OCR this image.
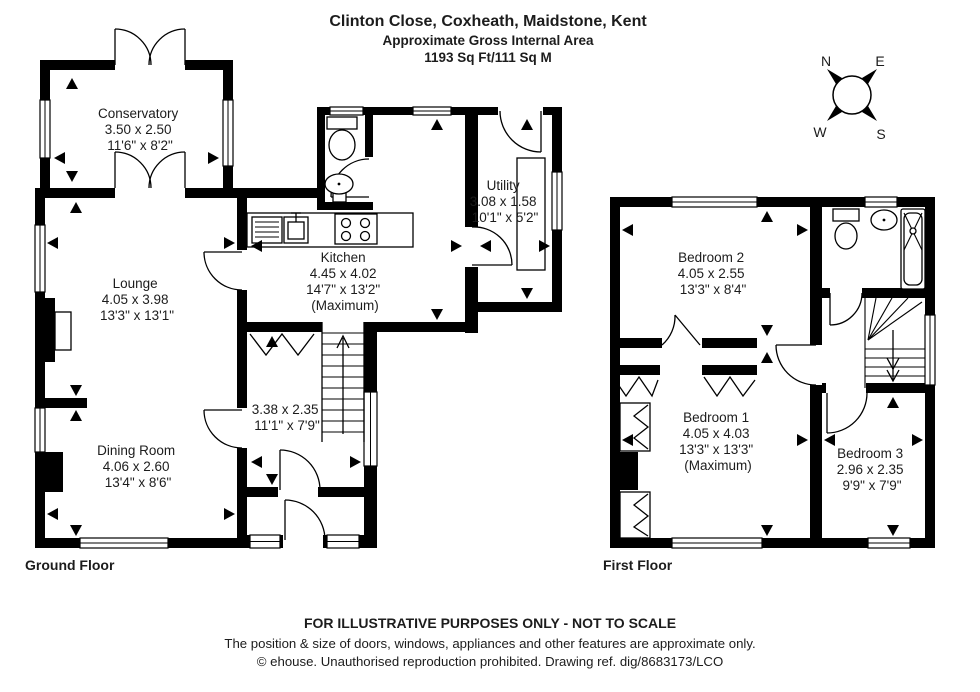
Clinton Close, Coxheath, Maidstone, Kent
Approximate Gross Internal Area
1193 Sq Ft/111 Sq M	N	E
W	S
Conservatory 3.50 x 2.50 11'6" x 8'2"
Lounge 4.05 x 3.98 13'3" x 13'1"
Dining Room 4.06 x 2.60 13'4" x 8'6"
Kitchen 4.45 x 4.02 14'7" x 13'2" (Maximum)
Utility 3.08 x 1.58 10'1" x 5'2"
3.38 x 2.35 11'1" x 7'9"
Bedroom 2 4.05 x 2.55 13'3" x 8'4"
Bedroom 1 4.05 x 4.03 13'3" x 13'3" (Maximum)
Bedroom 3 2.96 x 2.35 9'9" x 7'9"
Ground Floor	First Floor
FOR ILLUSTRATIVE PURPOSES ONLY - NOT TO SCALE
The position & size of doors, windows, appliances and other features are approximate only.
© ehouse. Unauthorised reproduction prohibited. Drawing ref. dig/8683173/LCO
